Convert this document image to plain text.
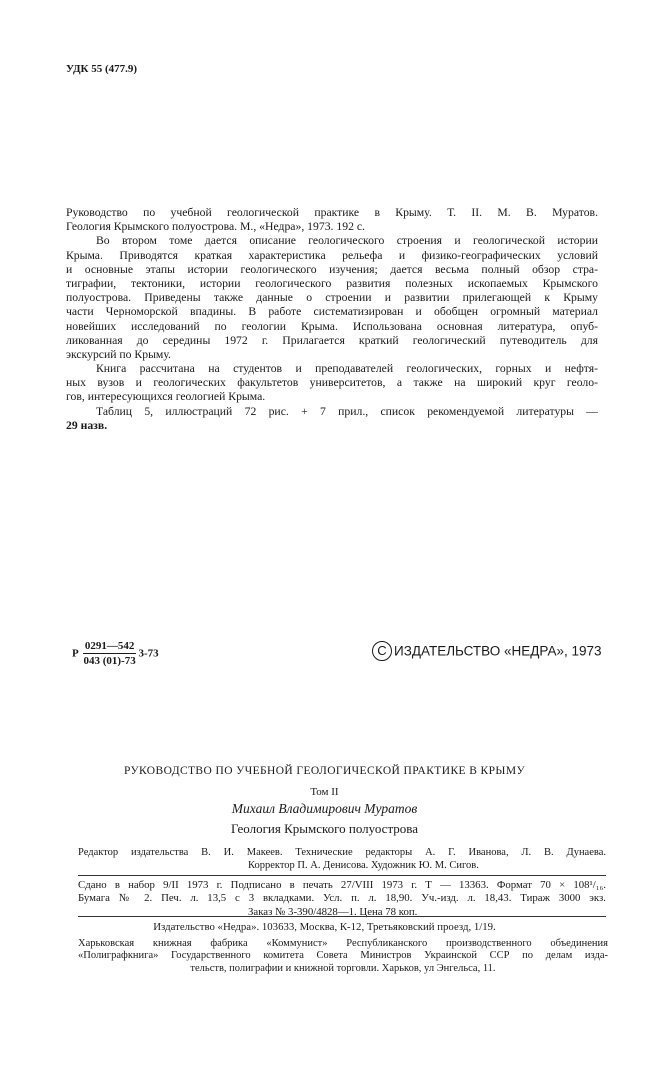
УДК 55 (477.9)
Руководство по учебной геологической практике в Крыму. Т. II. М. В. Муратов.
Геология Крымского полуострова. М., «Недра», 1973. 192 с.
Во втором томе дается описание геологического строения и геологической истории
Крыма. Приводятся краткая характеристика рельефа и физико-географических условий
и основные этапы истории геологического изучения; дается весьма полный обзор стра-
тиграфии, тектоники, истории геологического развития полезных ископаемых Крымского
полуострова. Приведены также данные о строении и развитии прилегающей к Крыму
части Черноморской впадины. В работе систематизирован и обобщен огромный материал
новейших исследований по геологии Крыма. Использована основная литература, опуб-
ликованная до середины 1972 г. Прилагается краткий геологический путеводитель для
экскурсий по Крыму.
Книга рассчитана на студентов и преподавателей геологических, горных и нефтя-
ных вузов и геологических факультетов университетов, а также на широкий круг геоло-
гов, интересующихся геологией Крыма.
Таблиц 5, иллюстраций 72 рис. + 7 прил., список рекомендуемой литературы —
29 назв.
Р $\frac{0291—542}{043 (01)-73} 3-73$	C ИЗДАТЕЛЬСТВО «НЕДРА», 1973
РУКОВОДСТВО ПО УЧЕБНОЙ ГЕОЛОГИЧЕСКОЙ ПРАКТИКЕ В КРЫМУ
Том II
Михаил Владимирович Муратов
Геология Крымского полуострова
Редактор издательства В. И. Макеев. Технические редакторы А. Г. Иванова, Л. В. Дунаева.
Корректор П. А. Денисова. Художник Ю. М. Сигов.
Сдано в набор 9/II 1973 г. Подписано в печать 27/VIII 1973 г. Т — 13363. Формат 70 × 108¹/₁₆.
Бумага № 2. Печ. л. 13,5 с 3 вкладками. Усл. п. л. 18,90. Уч.-изд. л. 18,43. Тираж 3000 экз.
Заказ № 3-390/4828—1. Цена 78 коп.
Издательство «Недра». 103633, Москва, К-12, Третьяковский проезд, 1/19.
Харьковская книжная фабрика «Коммунист» Республиканского производственного объединения
«Полиграфкнига» Государственного комитета Совета Министров Украинской ССР по делам изда-
тельств, полиграфии и книжной торговли. Харьков, ул Энгельса, 11.
